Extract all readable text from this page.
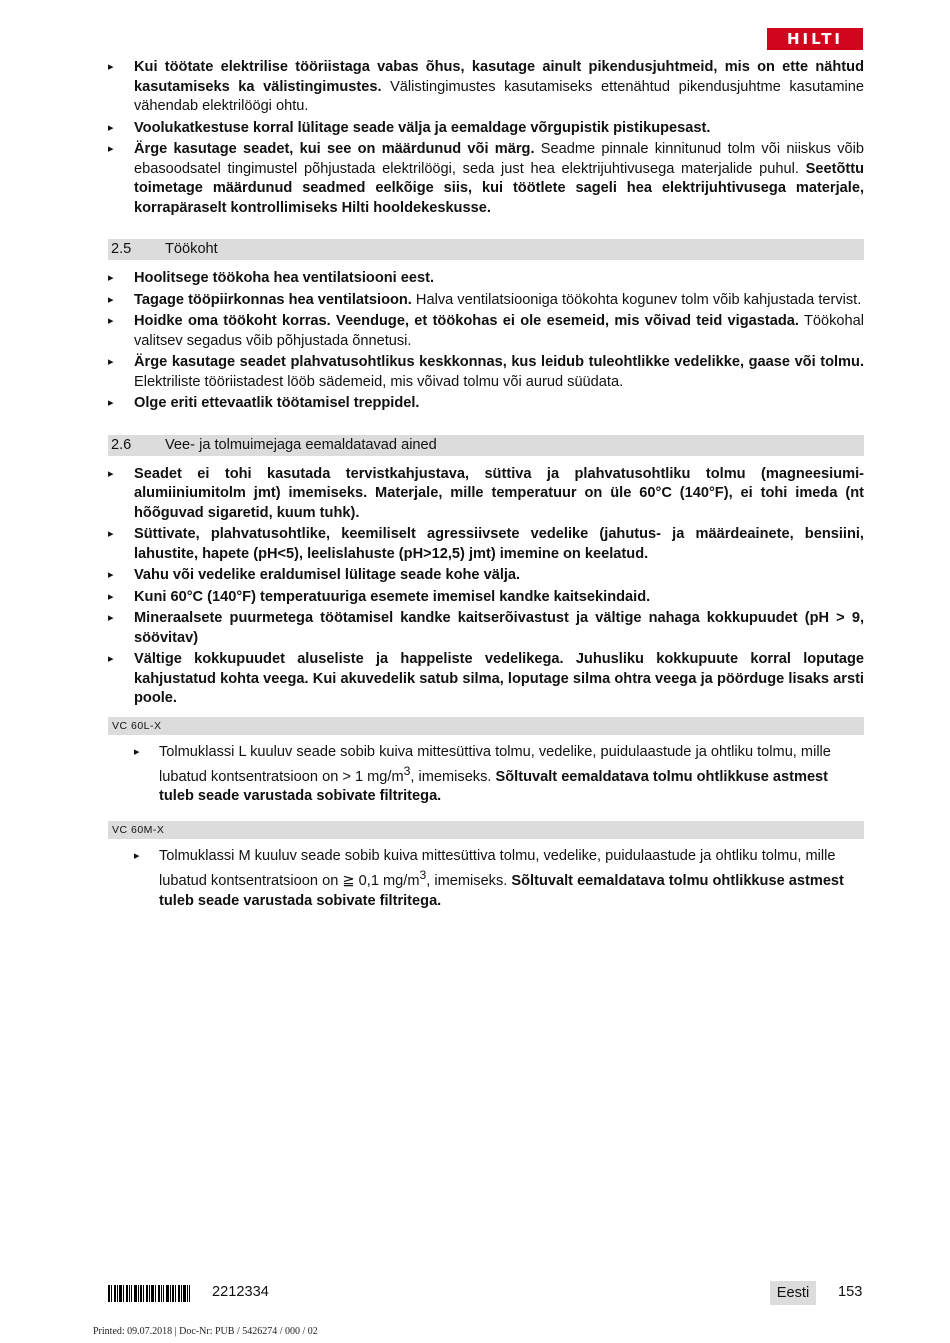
HILTI
▸ Kui töötate elektrilise tööriistaga vabas õhus, kasutage ainult pikendusjuhtmeid, mis on ette nähtud kasutamiseks ka välistingimustes. Välistingimustes kasutamiseks ettenähtud pikendusjuhtme kasutamine vähendab elektrilöögi ohtu.
▸ Voolukatkestuse korral lülitage seade välja ja eemaldage võrgupistik pistikupesast.
▸ Ärge kasutage seadet, kui see on määrdunud või märg. Seadme pinnale kinnitunud tolm või niiskus võib ebasoodsatel tingimustel põhjustada elektrilöögi, seda just hea elektrijuhtivusega materjalide puhul. Seetõttu toimetage määrdunud seadmed eelkõige siis, kui töötlete sageli hea elektrijuhtivusega materjale, korrapäraselt kontrollimiseks Hilti hooldekeskusse.
2.5 Töökoht
▸ Hoolitsege töökoha hea ventilatsiooni eest.
▸ Tagage tööpiirkonnas hea ventilatsioon. Halva ventilatsiooniga töökohta kogunev tolm võib kahjustada tervist.
▸ Hoidke oma töökoht korras. Veenduge, et töökohas ei ole esemeid, mis võivad teid vigastada. Töökohal valitsev segadus võib põhjustada õnnetusi.
▸ Ärge kasutage seadet plahvatusohtlikus keskkonnas, kus leidub tuleohtlikke vedelikke, gaase või tolmu. Elektriliste tööriistadest lööb sädemeid, mis võivad tolmu või aurud süüdata.
▸ Olge eriti ettevaatlik töötamisel treppidel.
2.6 Vee- ja tolmuimejaga eemaldatavad ained
▸ Seadet ei tohi kasutada tervistkahjustava, süttiva ja plahvatusohtliku tolmu (magneesiumi-alumiiniumitolm jmt) imemiseks. Materjale, mille temperatuur on üle 60°C (140°F), ei tohi imeda (nt hõõguvad sigaretid, kuum tuhk).
▸ Süttivate, plahvatusohtlike, keemiliselt agressiivsete vedelike (jahutus- ja määrdeainete, bensiini, lahustite, hapete (pH<5), leelislahuste (pH>12,5) jmt) imemine on keelatud.
▸ Vahu või vedelike eraldumisel lülitage seade kohe välja.
▸ Kuni 60°C (140°F) temperatuuriga esemete imemisel kandke kaitsekindaid.
▸ Mineraalsete puurmetega töötamisel kandke kaitserõivastust ja vältige nahaga kokkupuudet (pH > 9, söövitav)
▸ Vältige kokkupuudet aluseliste ja happeliste vedelikega. Juhusliku kokkupuute korral loputage kahjustatud kohta veega. Kui akuvedelik satub silma, loputage silma ohtra veega ja pöörduge lisaks arsti poole.
VC 60L-X
▸ Tolmuklassi L kuuluv seade sobib kuiva mittesüttiva tolmu, vedelike, puidulaastude ja ohtliku tolmu, mille lubatud kontsentratsioon on > 1 $mg/m^3$, imemiseks. Sõltuvalt eemaldatava tolmu ohtlikkuse astmest tuleb seade varustada sobivate filtritega.
VC 60M-X
▸ Tolmuklassi M kuuluv seade sobib kuiva mittesüttiva tolmu, vedelike, puidulaastude ja ohtliku tolmu, mille lubatud kontsentratsioon on ≧ 0,1 $mg/m^3$, imemiseks. Sõltuvalt eemaldatava tolmu ohtlikkuse astmest tuleb seade varustada sobivate filtritega.
2212334	Eesti	153
Printed: 09.07.2018 | Doc-Nr: PUB / 5426274 / 000 / 02
